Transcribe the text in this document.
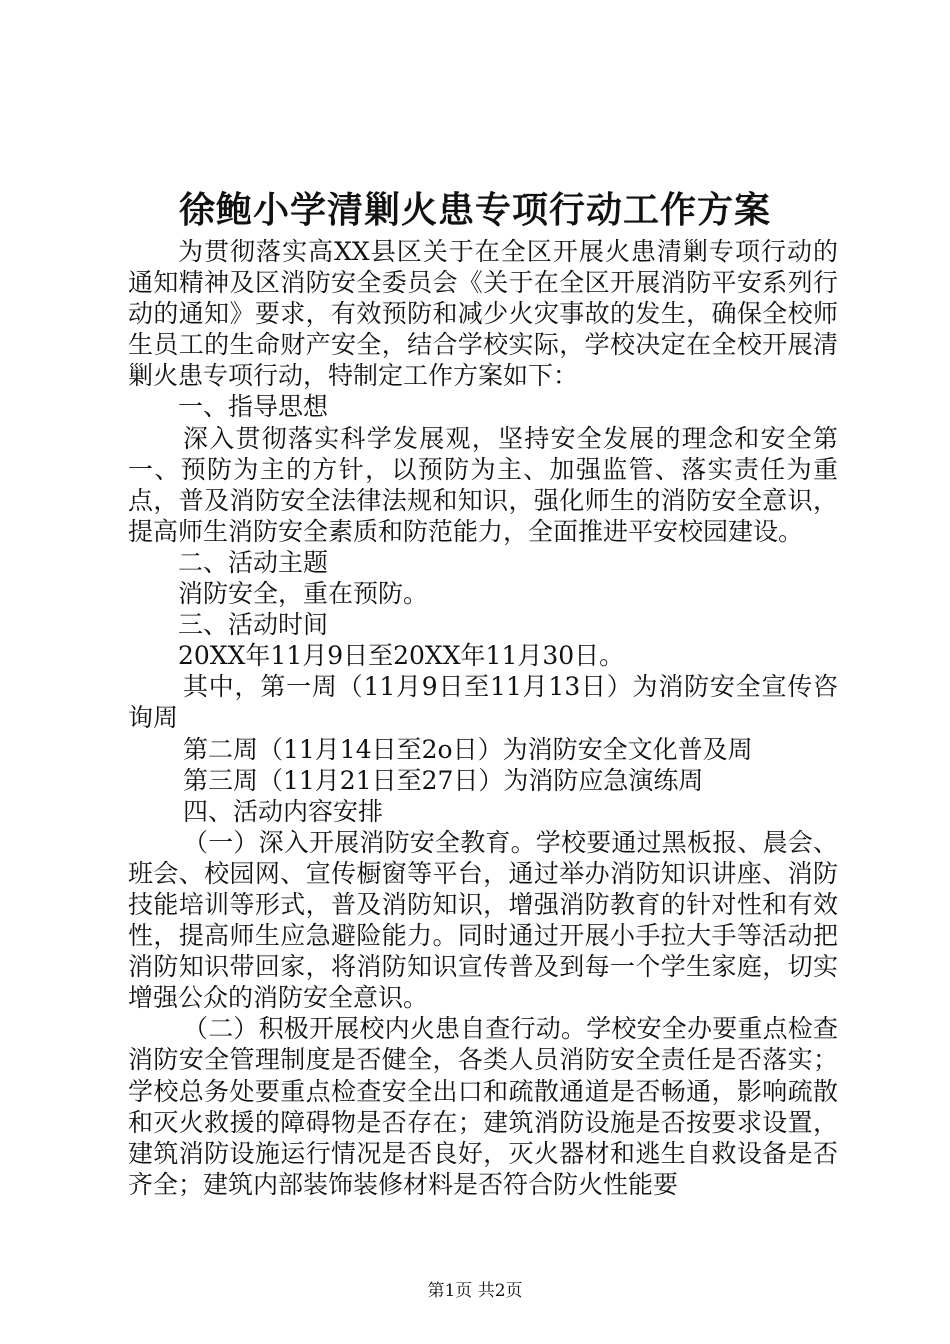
徐鲍小学清剿火患专项行动工作方案

为贯彻落实高XX县区关于在全区开展火患清剿专项行动的通知精神及区消防安全委员会《关于在全区开展消防平安系列行动的通知》要求，有效预防和减少火灾事故的发生，确保全校师生员工的生命财产安全，结合学校实际，学校决定在全校开展清剿火患专项行动，特制定工作方案如下：

一、指导思想

深入贯彻落实科学发展观，坚持安全发展的理念和安全第一、预防为主的方针，以预防为主、加强监管、落实责任为重点，普及消防安全法律法规和知识，强化师生的消防安全意识，提高师生消防安全素质和防范能力，全面推进平安校园建设。

二、活动主题

消防安全，重在预防。

三、活动时间

20XX年11月9日至20XX年11月30日。

其中，第一周（11月9日至11月13日）为消防安全宣传咨询周

第二周（11月14日至2o日）为消防安全文化普及周

第三周（11月21日至27日）为消防应急演练周

四、活动内容安排

（一）深入开展消防安全教育。学校要通过黑板报、晨会、班会、校园网、宣传橱窗等平台，通过举办消防知识讲座、消防技能培训等形式，普及消防知识，增强消防教育的针对性和有效性，提高师生应急避险能力。同时通过开展小手拉大手等活动把消防知识带回家，将消防知识宣传普及到每一个学生家庭，切实增强公众的消防安全意识。

（二）积极开展校内火患自查行动。学校安全办要重点检查消防安全管理制度是否健全，各类人员消防安全责任是否落实；学校总务处要重点检查安全出口和疏散通道是否畅通，影响疏散和灭火救援的障碍物是否存在；建筑消防设施是否按要求设置，建筑消防设施运行情况是否良好，灭火器材和逃生自救设备是否齐全；建筑内部装饰装修材料是否符合防火性能要

第1页 共2页
